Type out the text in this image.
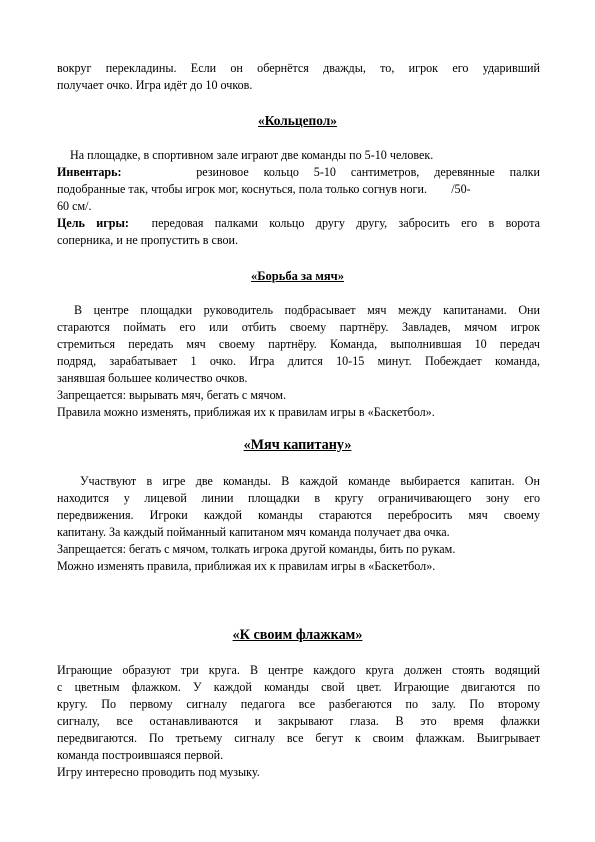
вокруг перекладины. Если он обернётся дважды, то, игрок его ударивший
получает очко. Игра идёт до 10 очков.
«Кольцепол»
На площадке, в спортивном зале играют две команды по 5-10 человек.
Инвентарь:	резиновое кольцо 5-10 сантиметров, деревянные палки
подобранные так, чтобы игрок мог, коснуться, пола только согнув ноги.        /50-
60 см/.
Цель игры: передовая палками кольцо другу другу, забросить его в ворота
соперника, и не пропустить в свои.
«Борьба за мяч»
В центре площадки руководитель подбрасывает мяч между капитанами. Они
стараются поймать его или отбить своему партнёру. Завладев, мячом игрок
стремиться передать мяч своему партнёру. Команда, выполнившая 10 передач
подряд, зарабатывает 1 очко. Игра длится 10-15 минут. Побеждает команда,
занявшая большее количество очков.
Запрещается: вырывать мяч, бегать с мячом.
Правила можно изменять, приближая их к правилам игры в «Баскетбол».
«Мяч капитану»
Участвуют в игре две команды. В каждой команде выбирается капитан. Он
находится у лицевой линии площадки в кругу ограничивающего зону его
передвижения. Игроки каждой команды стараются перебросить мяч своему
капитану. За каждый пойманный капитаном мяч команда получает два очка.
Запрещается: бегать с мячом, толкать игрока другой команды, бить по рукам.
Можно изменять правила, приближая их к правилам игры в «Баскетбол».
«К своим флажкам»
Играющие образуют три круга. В центре каждого круга должен стоять водящий
с цветным флажком. У каждой команды свой цвет. Играющие двигаются по
кругу. По первому сигналу педагога все разбегаются по залу. По второму
сигналу, все останавливаются и закрывают глаза. В это время флажки
передвигаются. По третьему сигналу все бегут к своим флажкам. Выигрывает
команда построившаяся первой.
Игру интересно проводить под музыку.
